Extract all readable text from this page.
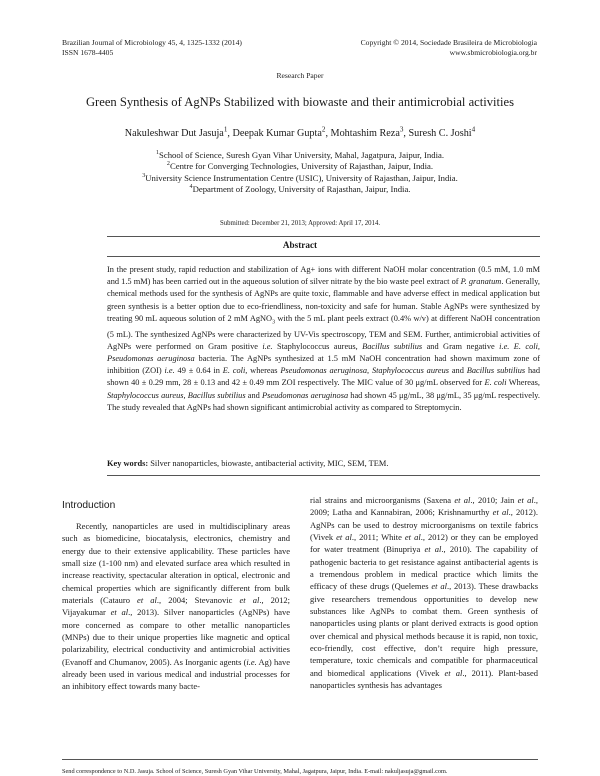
Brazilian Journal of Microbiology 45, 4, 1325-1332 (2014)
ISSN 1678-4405
Copyright © 2014, Sociedade Brasileira de Microbiologia
www.sbmicrobiologia.org.br
Research Paper
Green Synthesis of AgNPs Stabilized with biowaste and their antimicrobial activities
Nakuleshwar Dut Jasuja$^1$, Deepak Kumar Gupta$^2$, Mohtashim Reza$^3$, Suresh C. Joshi$^4$
$^1$School of Science, Suresh Gyan Vihar University, Mahal, Jagatpura, Jaipur, India.
$^2$Centre for Converging Technologies, University of Rajasthan, Jaipur, India.
$^3$University Science Instrumentation Centre (USIC), University of Rajasthan, Jaipur, India.
$^4$Department of Zoology, University of Rajasthan, Jaipur, India.
Submitted: December 21, 2013; Approved: April 17, 2014.
Abstract
In the present study, rapid reduction and stabilization of Ag+ ions with different NaOH molar concentration (0.5 mM, 1.0 mM and 1.5 mM) has been carried out in the aqueous solution of silver nitrate by the bio waste peel extract of P. granatum. Generally, chemical methods used for the synthesis of AgNPs are quite toxic, flammable and have adverse effect in medical application but green synthesis is a better option due to eco-friendliness, non-toxicity and safe for human. Stable AgNPs were synthesized by treating 90 mL aqueous solution of 2 mM AgNO$_3$ with the 5 mL plant peels extract (0.4% w/v) at different NaOH concentration (5 mL). The synthesized AgNPs were characterized by UV-Vis spectroscopy, TEM and SEM. Further, antimicrobial activities of AgNPs were performed on Gram positive i.e. Staphylococcus aureus, Bacillus subtilius and Gram negative i.e. E. coli, Pseudomonas aeruginosa bacteria. The AgNPs synthesized at 1.5 mM NaOH concentration had shown maximum zone of inhibition (ZOI) i.e. 49 ± 0.64 in E. coli, whereas Pseudomonas aeruginosa, Staphylococcus aureus and Bacillus subtilius had shown 40 ± 0.29 mm, 28 ± 0.13 and 42 ± 0.49 mm ZOI respectively. The MIC value of 30 μg/mL observed for E. coli Whereas, Staphylococcus aureus, Bacillus subtilius and Pseudomonas aeruginosa had shown 45 μg/mL, 38 μg/mL, 35 μg/mL respectively. The study revealed that AgNPs had shown significant antimicrobial activity as compared to Streptomycin.
Key words: Silver nanoparticles, biowaste, antibacterial activity, MIC, SEM, TEM.
Introduction

Recently, nanoparticles are used in multidisciplinary areas such as biomedicine, biocatalysis, electronics, chemistry and energy due to their extensive applicability. These particles have small size (1-100 nm) and elevated surface area which resulted in increase reactivity, spectacular alteration in optical, electronic and chemical properties which are significantly different from bulk materials (Catauro et al., 2004; Stevanovic et al., 2012; Vijayakumar et al., 2013). Silver nanoparticles (AgNPs) have more concerned as compare to other metallic nanoparticles (MNPs) due to their unique properties like magnetic and optical polarizability, electrical conductivity and antimicrobial activities (Evanoff and Chumanov, 2005). As Inorganic agents (i.e. Ag) have already been used in various medical and industrial processes for an inhibitory effect towards many bacte-

rial strains and microorganisms (Saxena et al., 2010; Jain et al., 2009; Latha and Kannabiran, 2006; Krishnamurthy et al., 2012). AgNPs can be used to destroy microorganisms on textile fabrics (Vivek et al., 2011; White et al., 2012) or they can be employed for water treatment (Binupriya et al., 2010). The capability of pathogenic bacteria to get resistance against antibacterial agents is a tremendous problem in medical practice which limits the efficacy of these drugs (Quelemes et al., 2013). These drawbacks give researchers tremendous opportunities to develop new substances like AgNPs to combat them. Green synthesis of nanoparticles using plants or plant derived extracts is good option over chemical and physical methods because it is rapid, non toxic, eco-friendly, cost effective, don’t require high pressure, temperature, toxic chemicals and compatible for pharmaceutical and biomedical applications (Vivek et al., 2011). Plant-based nanoparticles synthesis has advantages

Send correspondence to N.D. Jasuja. School of Science, Suresh Gyan Vihar University, Mahal, Jagatpura, Jaipur, India. E-mail: nakuljasuja@gmail.com.
